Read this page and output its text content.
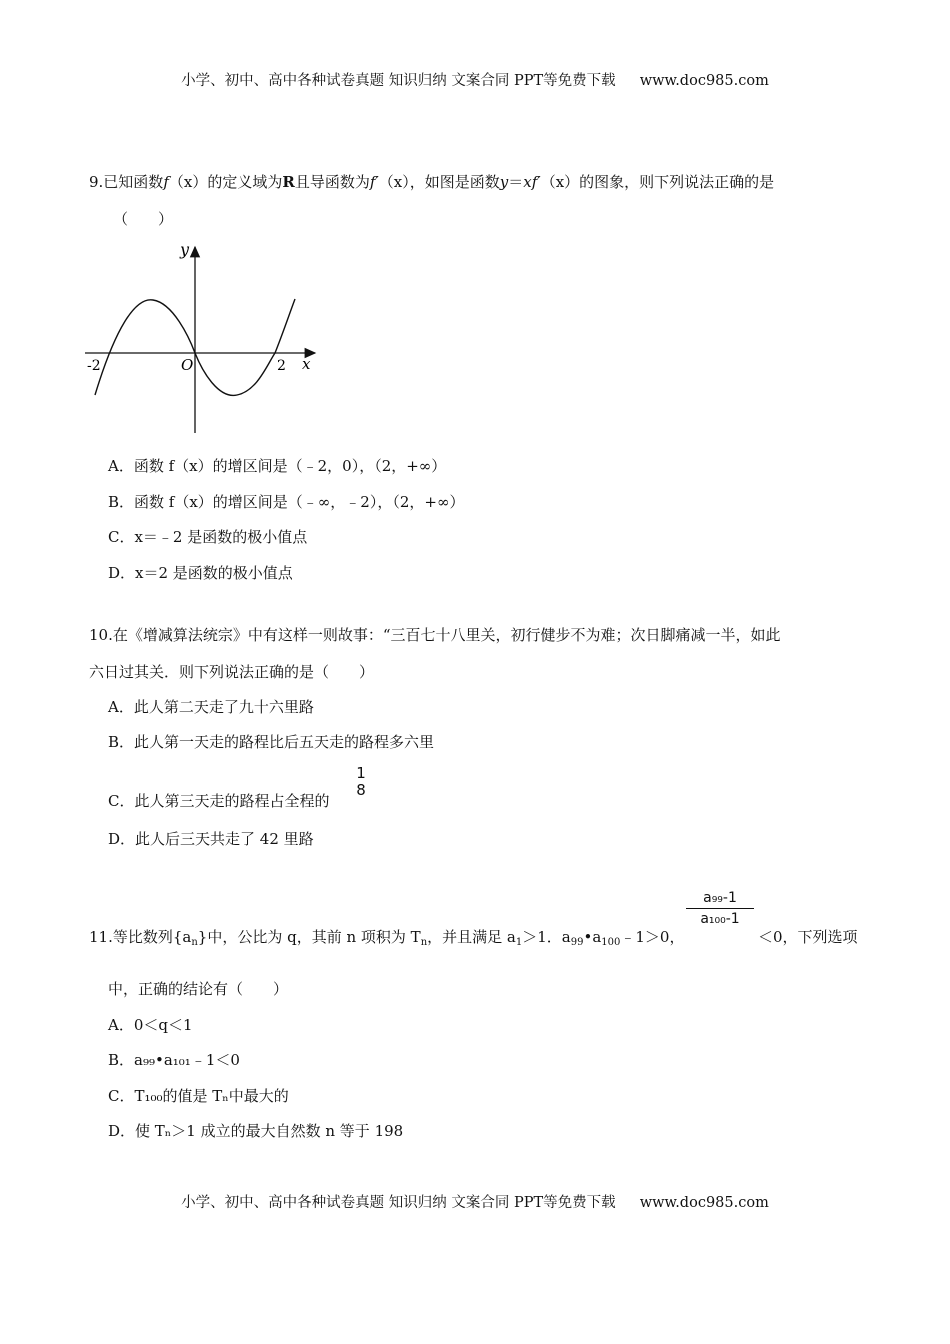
小学、初中、高中各种试卷真题 知识归纳 文案合同 PPT等免费下载 www.doc985.com
9.已知函数f（x）的定义域为R且导函数为f′（x），如图是函数y＝xf′（x）的图象，则下列说法正确的是
（　　）
y
x
O
-2	2
A．函数 f（x）的增区间是（﹣2，0），（2，+∞）
B．函数 f（x）的增区间是（﹣∞，﹣2），（2，+∞）
C．x＝﹣2 是函数的极小值点
D．x＝2 是函数的极小值点
10.在《增减算法统宗》中有这样一则故事：“三百七十八里关，初行健步不为难；次日脚痛减一半，如此
六日过其关．则下列说法正确的是（　　）
A．此人第二天走了九十六里路
B．此人第一天走的路程比后五天走的路程多六里
C．此人第三天走的路程占全程的
1
8
D．此人后三天共走了 42 里路
11.等比数列$\{a_n\}$中，公比为 q，其前 n 项积为 $T_n$，并且满足 $a_1>1$．$a_{99}•a_{100}﹣1>0$，
a₉₉-1
a₁₀₀-1
＜0，下列选项
中，正确的结论有（　　）
A．0＜q＜1
B．a₉₉•a₁₀₁﹣1＜0
C．T₁₀₀的值是 Tₙ中最大的
D．使 Tₙ＞1 成立的最大自然数 n 等于 198
小学、初中、高中各种试卷真题 知识归纳 文案合同 PPT等免费下载 www.doc985.com
